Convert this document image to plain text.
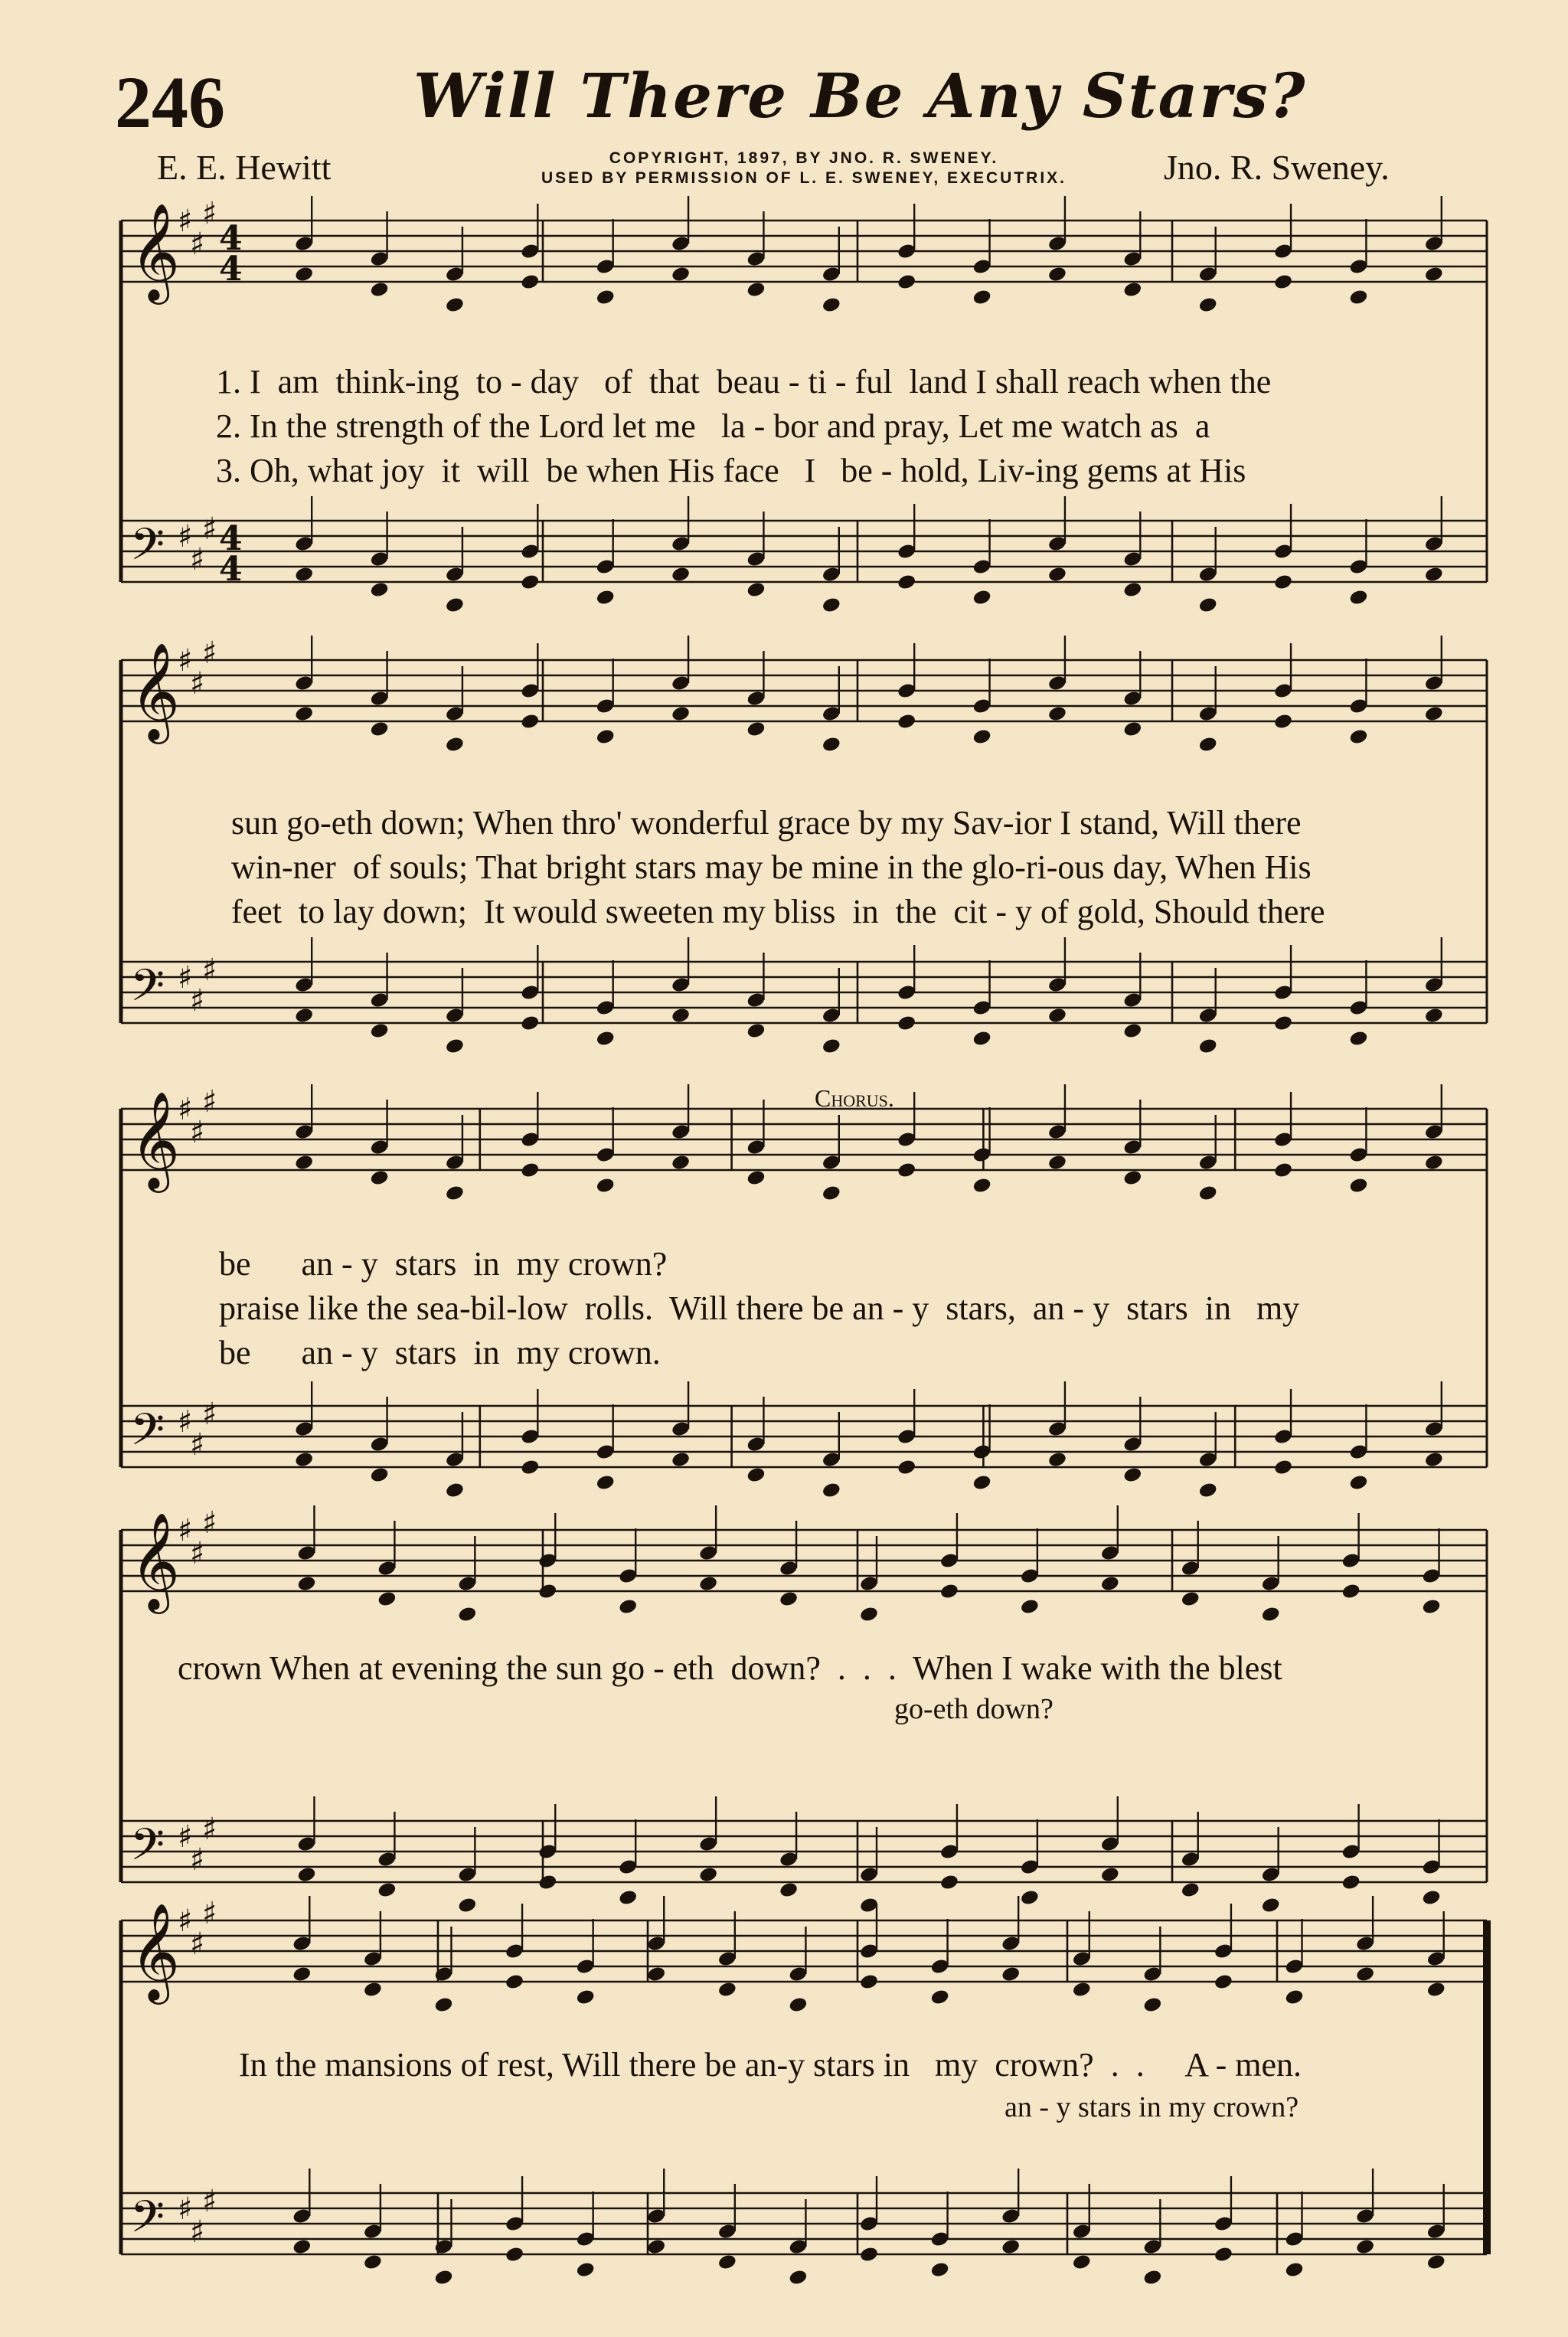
246	Will There Be Any Stars?
E. E. Hewitt	COPYRIGHT, 1897, BY JNO. R. SWENEY.
USED BY PERMISSION OF L. E. SWENEY, EXECUTRIX.	Jno. R. Sweney.
𝄞
♯
♯
♯
𝄢 ♯
♯
♯
4
4
4
4
𝄞
♯
♯
♯
𝄢 ♯
♯
♯
𝄞
♯
♯
♯
𝄢 ♯
♯
♯
𝄞
♯
♯
♯
𝄢 ♯
♯
♯
𝄞
♯
♯
♯
𝄢 ♯
♯
♯
1. I  am  think-ing  to - day   of  that  beau - ti - ful  land I shall reach when the
2. In the strength of the Lord let me   la - bor and pray, Let me watch as  a
3. Oh, what joy  it  will  be when His face   I   be - hold, Liv-ing gems at His
sun go-eth down; When thro' wonderful grace by my Sav-ior I stand, Will there
win-ner  of souls; That bright stars may be mine in the glo-ri-ous day, When His
feet  to lay down;  It would sweeten my bliss  in  the  cit - y of gold, Should there
Chorus.
be      an - y  stars  in  my crown?
praise like the sea-bil-low  rolls.  Will there be an - y  stars,  an - y  stars  in   my
be      an - y  stars  in  my crown.
crown When at evening the sun go - eth  down?  .  .  .  When I wake with the blest
go-eth down?
In the mansions of rest, Will there be an-y stars in   my  crown?  .  .     A - men.
an - y stars in my crown?
